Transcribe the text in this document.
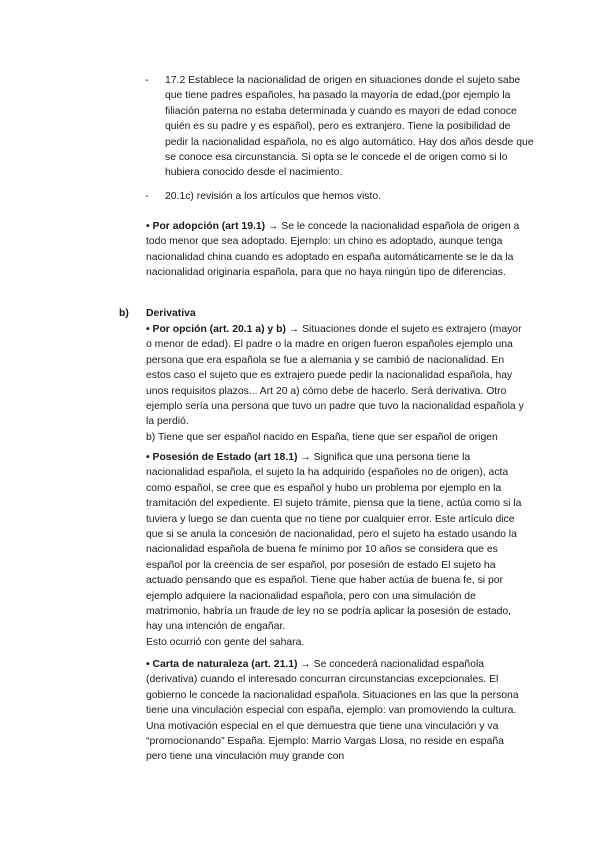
- 17.2 Establece la nacionalidad de origen en situaciones donde el sujeto sabe que tiene padres españoles, ha pasado la mayoría de edad,(por ejemplo la filiación paterna no estaba determinada y cuando es mayori de edad conoce quién es su padre y es español), pero es extranjero. Tiene la posibilidad de pedir la nacionalidad española, no es algo automático. Hay dos años desde que se conoce esa circunstancia. Si opta se le concede el de origen como si lo hubiera conocido desde el nacimiento.
- 20.1c) revisión a los artículos que hemos visto.

• Por adopción (art 19.1) → Se le concede la nacionalidad española de origen a todo menor que sea adoptado. Ejemplo: un chino es adoptado, aunque tenga nacionalidad china cuando es adoptado en españa automáticamente se le da la nacionalidad originaria española, para que no haya ningún tipo de diferencias.

b) Derivativa

• Por opción (art. 20.1 a) y b) → Situaciones donde el sujeto es extrajero (mayor o menor de edad). El padre o la madre en origen fueron españoles ejemplo una persona que era española se fue a alemania y se cambió de nacionalidad. En estos caso el sujeto que es extrajero puede pedir la nacionalidad española, hay unos requisitos plazos... Art 20 a) cómo debe de hacerlo. Será derivativa. Otro ejemplo sería una persona que tuvo un padre que tuvo la nacionalidad española y la perdió.

b) Tiene que ser español nacido en España, tiene que ser español de origen

• Posesión de Estado (art 18.1) → Significa que una persona tiene la nacionalidad española, el sujeto la ha adquirido (españoles no de origen), acta como español, se cree que es español y hubo un problema por ejemplo en la tramitación del expediente. El sujeto trámite, piensa que la tiene, actúa como si la tuviera y luego se dan cuenta que no tiene por cualquier error. Este artículo dice que si se anula la concesión de nacionalidad, pero el sujeto ha estado usando la nacionalidad española de buena fe mínimo por 10 años se considera que es español por la creencia de ser español, por posesión de estado El sujeto ha actuado pensando que es español. Tiene que haber actúa de buena fe, si por ejemplo adquiere la nacionalidad española, pero con una simulación de matrimonio, habría un fraude de ley no se podría aplicar la posesión de estado, hay una intención de engañar.

Esto ocurrió con gente del sahara.

• Carta de naturaleza (art. 21.1) → Se concederá nacionalidad española (derivativa) cuando el interesado concurran circunstancias excepcionales. El gobierno le concede la nacionalidad española. Situaciones en las que la persona tiene una vinculación especial con españa, ejemplo: van promoviendo la cultura. Una motivación especial en el que demuestra que tiene una vinculación y va “promocionando” España. Ejemplo: Marrio Vargas Llosa, no reside en españa pero tiene una vinculación muy grande con
